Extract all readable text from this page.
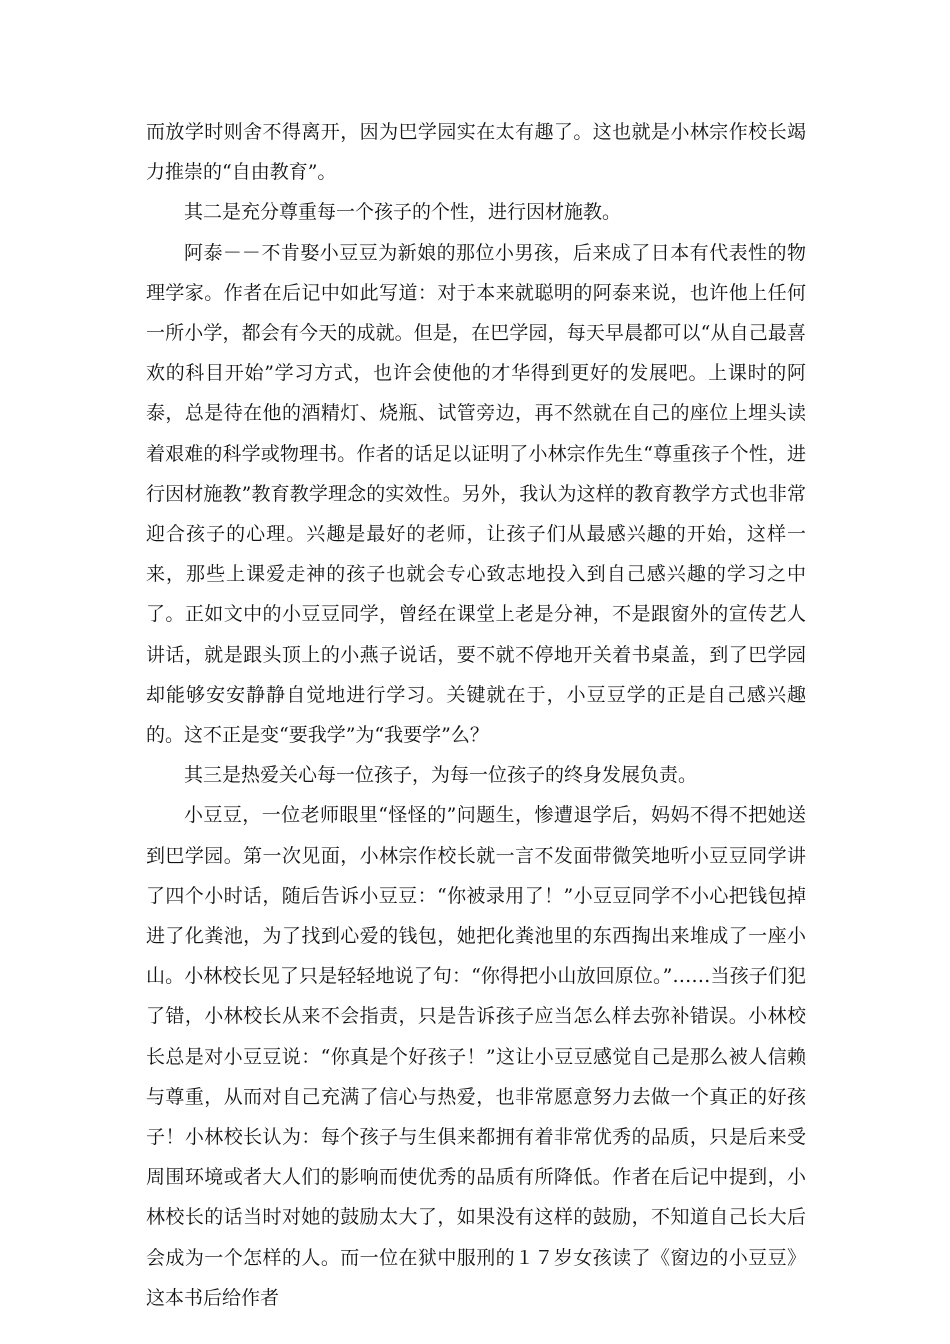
而放学时则舍不得离开，因为巴学园实在太有趣了。这也就是小林宗作校长竭力推崇的“自由教育”。

其二是充分尊重每一个孩子的个性，进行因材施教。

阿泰－－不肯娶小豆豆为新娘的那位小男孩，后来成了日本有代表性的物理学家。作者在后记中如此写道：对于本来就聪明的阿泰来说，也许他上任何一所小学，都会有今天的成就。但是，在巴学园，每天早晨都可以“从自己最喜欢的科目开始”学习方式，也许会使他的才华得到更好的发展吧。上课时的阿泰，总是待在他的酒精灯、烧瓶、试管旁边，再不然就在自己的座位上埋头读着艰难的科学或物理书。作者的话足以证明了小林宗作先生“尊重孩子个性，进行因材施教”教育教学理念的实效性。另外，我认为这样的教育教学方式也非常迎合孩子的心理。兴趣是最好的老师，让孩子们从最感兴趣的开始，这样一来，那些上课爱走神的孩子也就会专心致志地投入到自己感兴趣的学习之中了。正如文中的小豆豆同学，曾经在课堂上老是分神，不是跟窗外的宣传艺人讲话，就是跟头顶上的小燕子说话，要不就不停地开关着书桌盖，到了巴学园却能够安安静静自觉地进行学习。关键就在于，小豆豆学的正是自己感兴趣的。这不正是变“要我学”为“我要学”么？

其三是热爱关心每一位孩子，为每一位孩子的终身发展负责。

小豆豆，一位老师眼里“怪怪的”问题生，惨遭退学后，妈妈不得不把她送到巴学园。第一次见面，小林宗作校长就一言不发面带微笑地听小豆豆同学讲了四个小时话，随后告诉小豆豆：“你被录用了！”小豆豆同学不小心把钱包掉进了化粪池，为了找到心爱的钱包，她把化粪池里的东西掏出来堆成了一座小山。小林校长见了只是轻轻地说了句：“你得把小山放回原位。”……当孩子们犯了错，小林校长从来不会指责，只是告诉孩子应当怎么样去弥补错误。小林校长总是对小豆豆说：“你真是个好孩子！”这让小豆豆感觉自己是那么被人信赖与尊重，从而对自己充满了信心与热爱，也非常愿意努力去做一个真正的好孩子！小林校长认为：每个孩子与生俱来都拥有着非常优秀的品质，只是后来受周围环境或者大人们的影响而使优秀的品质有所降低。作者在后记中提到，小林校长的话当时对她的鼓励太大了，如果没有这样的鼓励，不知道自己长大后会成为一个怎样的人。而一位在狱中服刑的１７岁女孩读了《窗边的小豆豆》这本书后给作者
